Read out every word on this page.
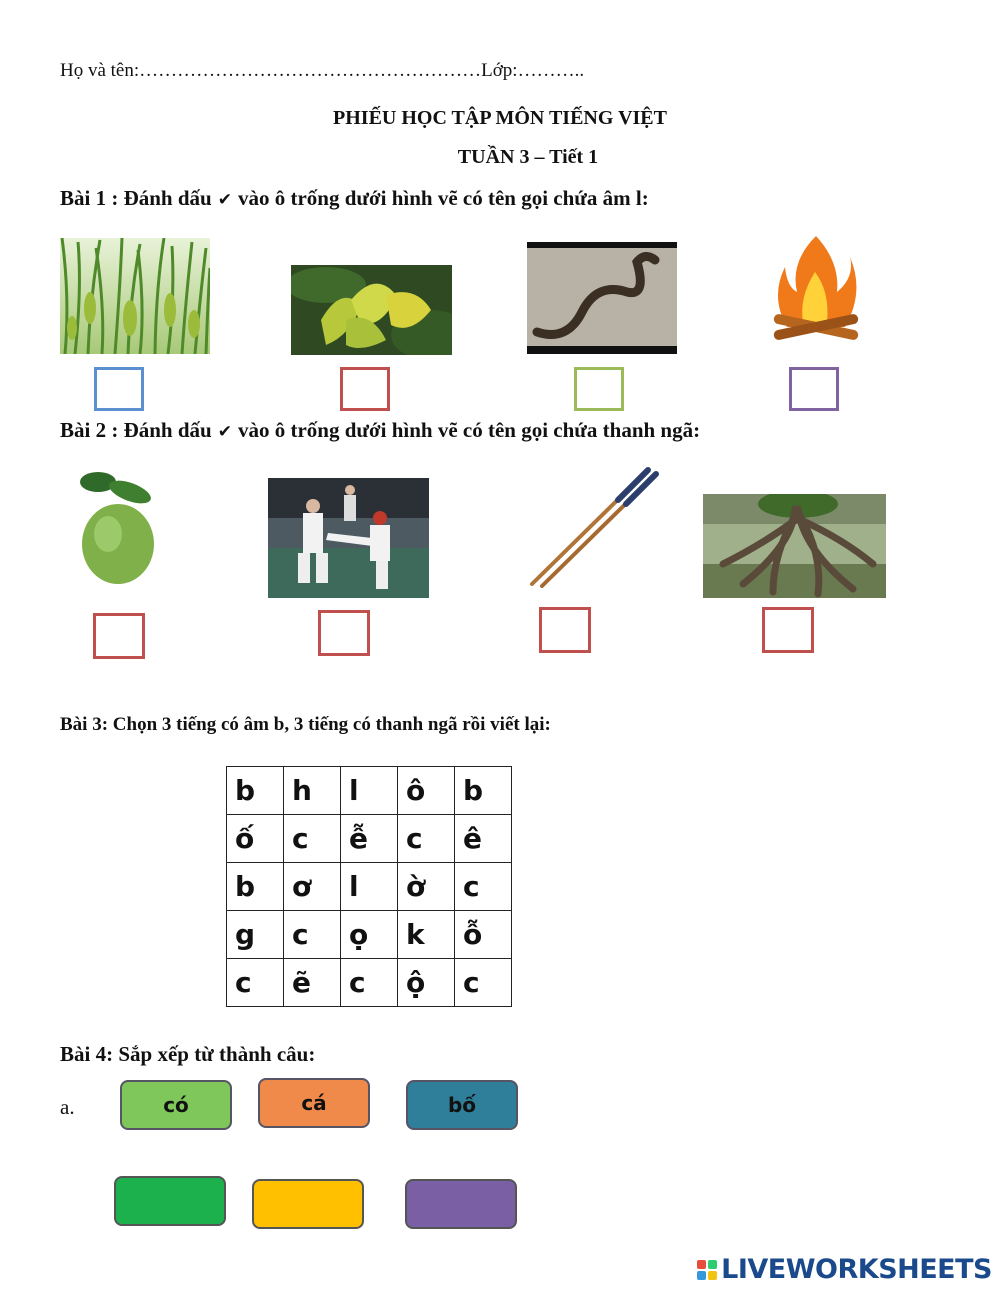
Họ và tên:………………………………………………Lớp:………..
PHIẾU HỌC TẬP MÔN TIẾNG VIỆT
TUẦN 3 – Tiết 1
Bài 1 : Đánh dấu ✔ vào ô trống dưới hình vẽ có tên gọi chứa âm l:
Bài 2 : Đánh dấu ✔ vào ô trống dưới hình vẽ có tên gọi chứa thanh ngã:
Bài 3: Chọn 3 tiếng có âm b, 3 tiếng có thanh ngã rồi viết lại:
b	h	l	ô	b
ố	c	ễ	c	ê
b	ơ	l	ờ	c
g	c	ọ	k	ỗ
c	ẽ	c	ộ	c
Bài 4: Sắp xếp từ thành câu:
a.	có	cá	bố
LIVEWORKSHEETS
